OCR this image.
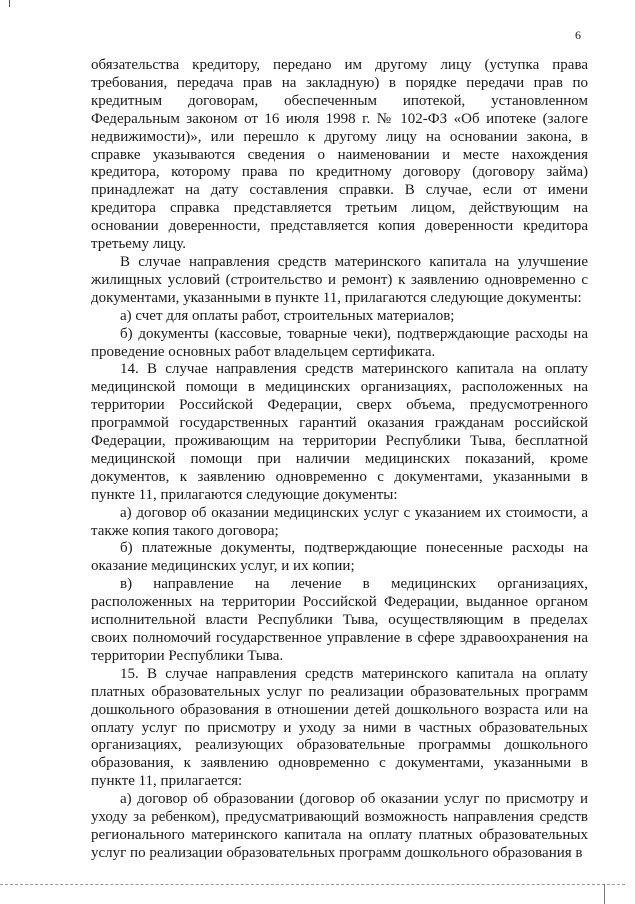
6

обязательства кредитору, передано им другому лицу (уступка права требования, передача прав на закладную) в порядке передачи прав по кредитным договорам, обеспеченным ипотекой, установленном Федеральным законом от 16 июля 1998 г. № 102-ФЗ «Об ипотеке (залоге недвижимости)», или перешло к другому лицу на основании закона, в справке указываются сведения о наименовании и месте нахождения кредитора, которому права по кредитному договору (договору займа) принадлежат на дату составления справки. В случае, если от имени кредитора справка представляется третьим лицом, действующим на основании доверенности, представляется копия доверенности кредитора третьему лицу.

В случае направления средств материнского капитала на улучшение жилищных условий (строительство и ремонт) к заявлению одновременно с документами, указанными в пункте 11, прилагаются следующие документы:

а) счет для оплаты работ, строительных материалов;

б) документы (кассовые, товарные чеки), подтверждающие расходы на проведение основных работ владельцем сертификата.

14. В случае направления средств материнского капитала на оплату медицинской помощи в медицинских организациях, расположенных на территории Российской Федерации, сверх объема, предусмотренного программой государственных гарантий оказания гражданам российской Федерации, проживающим на территории Республики Тыва, бесплатной медицинской помощи при наличии медицинских показаний, кроме документов, к заявлению одновременно с документами, указанными в пункте 11, прилагаются следующие документы:

а) договор об оказании медицинских услуг с указанием их стоимости, а также копия такого договора;

б) платежные документы, подтверждающие понесенные расходы на оказание медицинских услуг, и их копии;

в) направление на лечение в медицинских организациях, расположенных на территории Российской Федерации, выданное органом исполнительной власти Республики Тыва, осуществляющим в пределах своих полномочий государственное управление в сфере здравоохранения на территории Республики Тыва.

15. В случае направления средств материнского капитала на оплату платных образовательных услуг по реализации образовательных программ дошкольного образования в отношении детей дошкольного возраста или на оплату услуг по присмотру и уходу за ними в частных образовательных организациях, реализующих образовательные программы дошкольного образования, к заявлению одновременно с документами, указанными в пункте 11, прилагается:

а) договор об образовании (договор об оказании услуг по присмотру и уходу за ребенком), предусматривающий возможность направления средств регионального материнского капитала на оплату платных образовательных услуг по реализации образовательных программ дошкольного образования в
